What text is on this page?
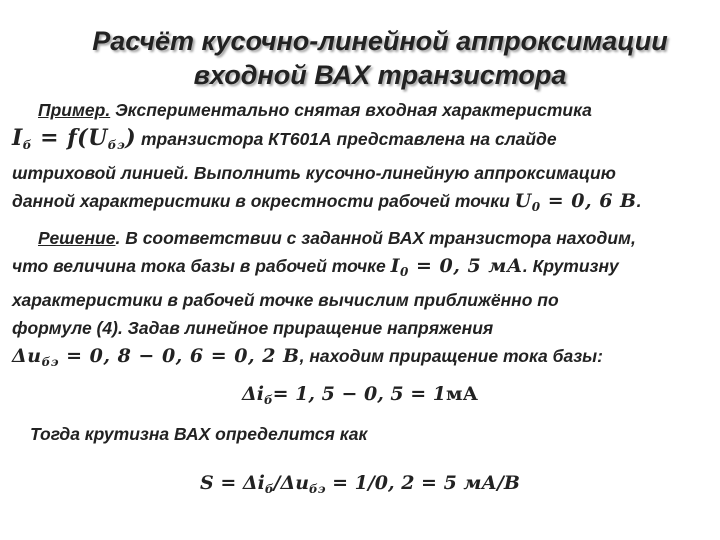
Расчёт кусочно-линейной аппроксимации
входной ВАХ транзистора
Пример. Экспериментально снятая входная характеристика
$I_б = f(U_{бэ})$ транзистора КТ601А представлена на слайде
штриховой линией. Выполнить кусочно-линейную аппроксимацию
данной характеристики в окрестности рабочей точки $U_0 = 0$, 6 В.
Решение. В соответствии с заданной ВАХ транзистора находим,
что величина тока базы в рабочей точке $I_0 = 0$, 5 мА. Крутизну
характеристики в рабочей точке вычислим приближённо по
формуле (4). Задав линейное приращение напряжения
$\Delta u_{бэ} = 0$, 8 − 0, 6 = 0, 2 В, находим приращение тока базы:
$\Delta i_б= 1$, 5 − 0, 5 = 1мА
Тогда крутизна ВАХ определится как
$S = \Delta i_б/\Delta u_{бэ} = 1/0$, 2 = 5 мА/В
